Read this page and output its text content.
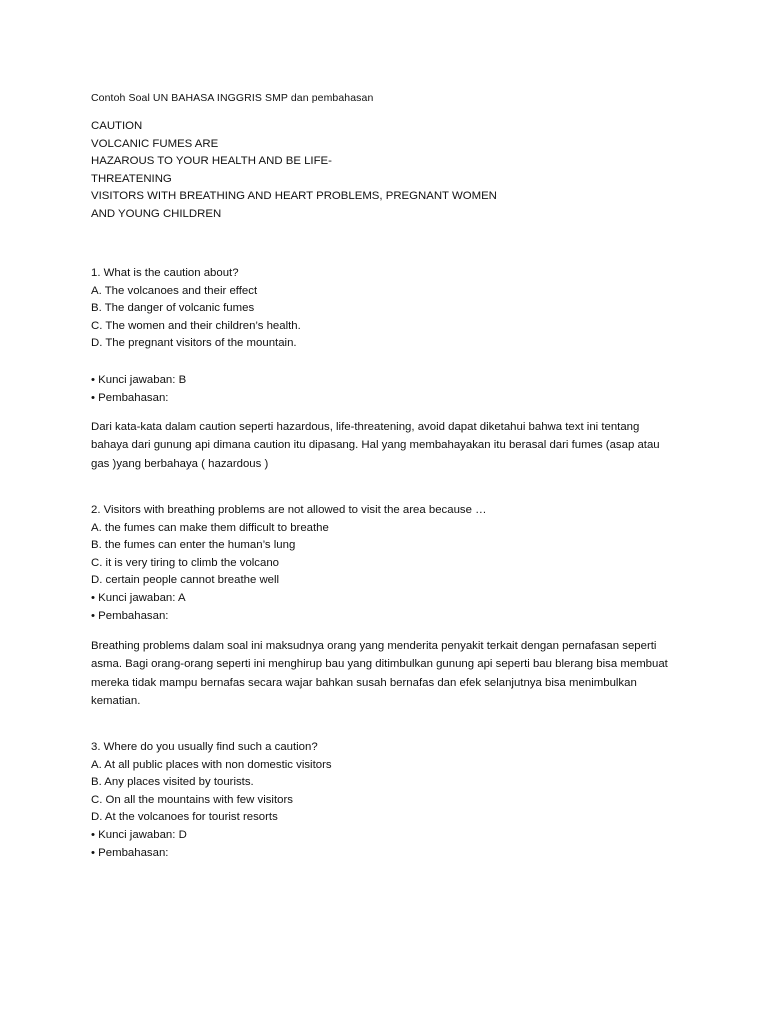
Contoh Soal UN BAHASA INGGRIS SMP dan pembahasan
CAUTION
VOLCANIC FUMES ARE
HAZAROUS TO YOUR HEALTH AND BE LIFE-
THREATENING
VISITORS WITH BREATHING AND HEART PROBLEMS, PREGNANT WOMEN
AND YOUNG CHILDREN
1. What is the caution about?
A. The volcanoes and their effect
B. The danger of volcanic fumes
C. The women and their children’s health.
D. The pregnant visitors of the mountain.
• Kunci jawaban: B
• Pembahasan:
Dari kata-kata dalam caution seperti hazardous, life-threatening, avoid dapat diketahui bahwa text ini tentang
bahaya dari gunung api dimana caution itu dipasang. Hal yang membahayakan itu berasal dari fumes (asap atau
gas )yang berbahaya ( hazardous )
2. Visitors with breathing problems are not allowed to visit the area because …
A. the fumes can make them difficult to breathe
B. the fumes can enter the human’s lung
C. it is very tiring to climb the volcano
D. certain people cannot breathe well
• Kunci jawaban: A
• Pembahasan:
Breathing problems dalam soal ini maksudnya orang yang menderita penyakit terkait dengan pernafasan seperti
asma. Bagi orang-orang seperti ini menghirup bau yang ditimbulkan gunung api seperti bau blerang bisa membuat
mereka tidak mampu bernafas secara wajar bahkan susah bernafas dan efek selanjutnya bisa menimbulkan
kematian.
3. Where do you usually find such a caution?
A. At all public places with non domestic visitors
B. Any places visited by tourists.
C. On all the mountains with few visitors
D. At the volcanoes for tourist resorts
• Kunci jawaban: D
• Pembahasan:
